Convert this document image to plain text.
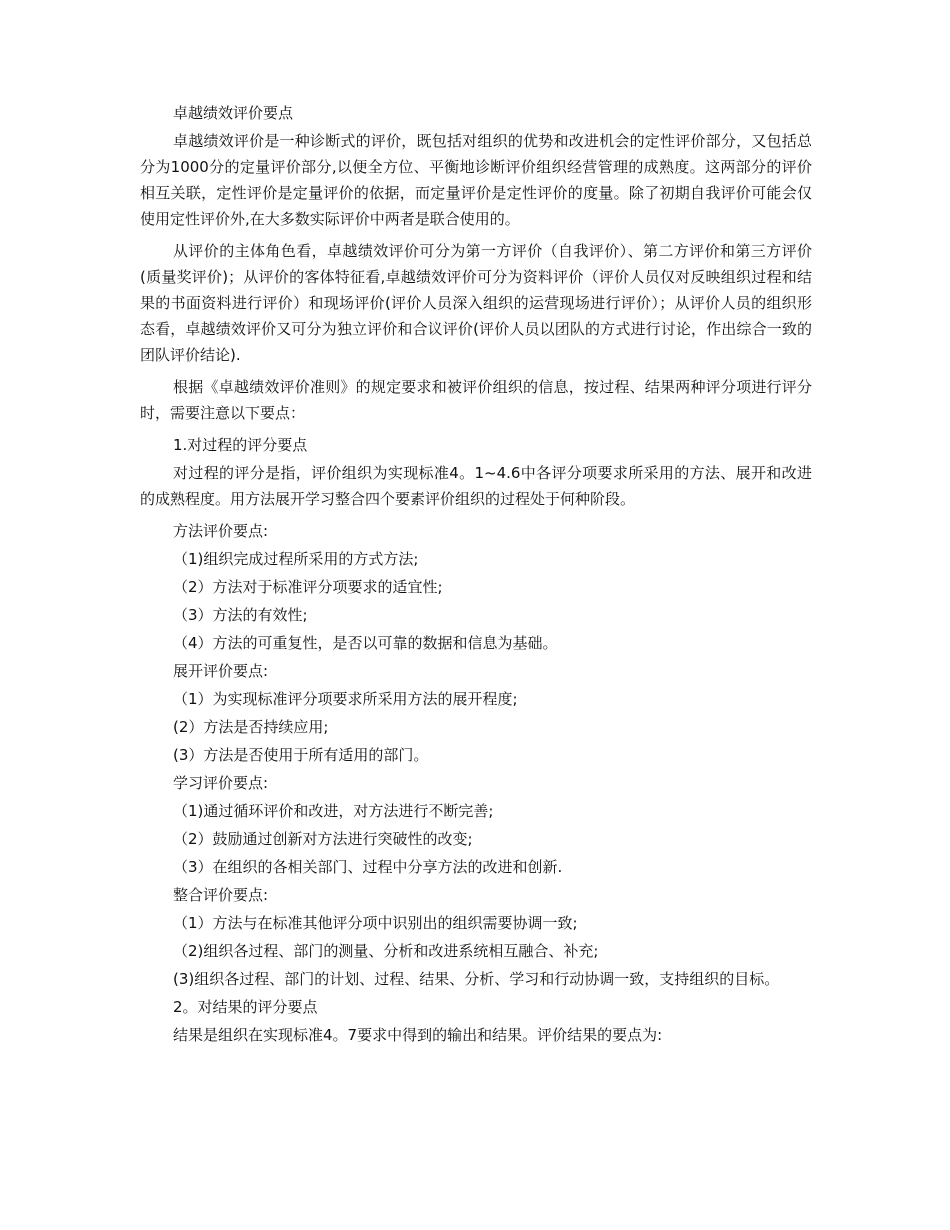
卓越绩效评价要点

卓越绩效评价是一种诊断式的评价，既包括对组织的优势和改进机会的定性评价部分，又包括总分为1000分的定量评价部分,以便全方位、平衡地诊断评价组织经营管理的成熟度。这两部分的评价相互关联，定性评价是定量评价的依据，而定量评价是定性评价的度量。除了初期自我评价可能会仅使用定性评价外,在大多数实际评价中两者是联合使用的。

从评价的主体角色看，卓越绩效评价可分为第一方评价（自我评价）、第二方评价和第三方评价(质量奖评价)；从评价的客体特征看,卓越绩效评价可分为资料评价（评价人员仅对反映组织过程和结果的书面资料进行评价）和现场评价(评价人员深入组织的运营现场进行评价）；从评价人员的组织形态看，卓越绩效评价又可分为独立评价和合议评价(评价人员以团队的方式进行讨论，作出综合一致的团队评价结论).

根据《卓越绩效评价准则》的规定要求和被评价组织的信息，按过程、结果两种评分项进行评分时，需要注意以下要点：

1.对过程的评分要点

对过程的评分是指，评价组织为实现标准4。1~4.6中各评分项要求所采用的方法、展开和改进的成熟程度。用方法展开学习整合四个要素评价组织的过程处于何种阶段。

方法评价要点:
（1)组织完成过程所采用的方式方法;
（2）方法对于标准评分项要求的适宜性;
（3）方法的有效性;
（4）方法的可重复性，是否以可靠的数据和信息为基础。
展开评价要点:
（1）为实现标准评分项要求所采用方法的展开程度;
(2）方法是否持续应用;
(3）方法是否使用于所有适用的部门。
学习评价要点:
（1)通过循环评价和改进，对方法进行不断完善;
（2）鼓励通过创新对方法进行突破性的改变;
（3）在组织的各相关部门、过程中分享方法的改进和创新.
整合评价要点:
（1）方法与在标准其他评分项中识别出的组织需要协调一致;
（2)组织各过程、部门的测量、分析和改进系统相互融合、补充;
(3)组织各过程、部门的计划、过程、结果、分析、学习和行动协调一致，支持组织的目标。
2。对结果的评分要点

结果是组织在实现标准4。7要求中得到的输出和结果。评价结果的要点为:
